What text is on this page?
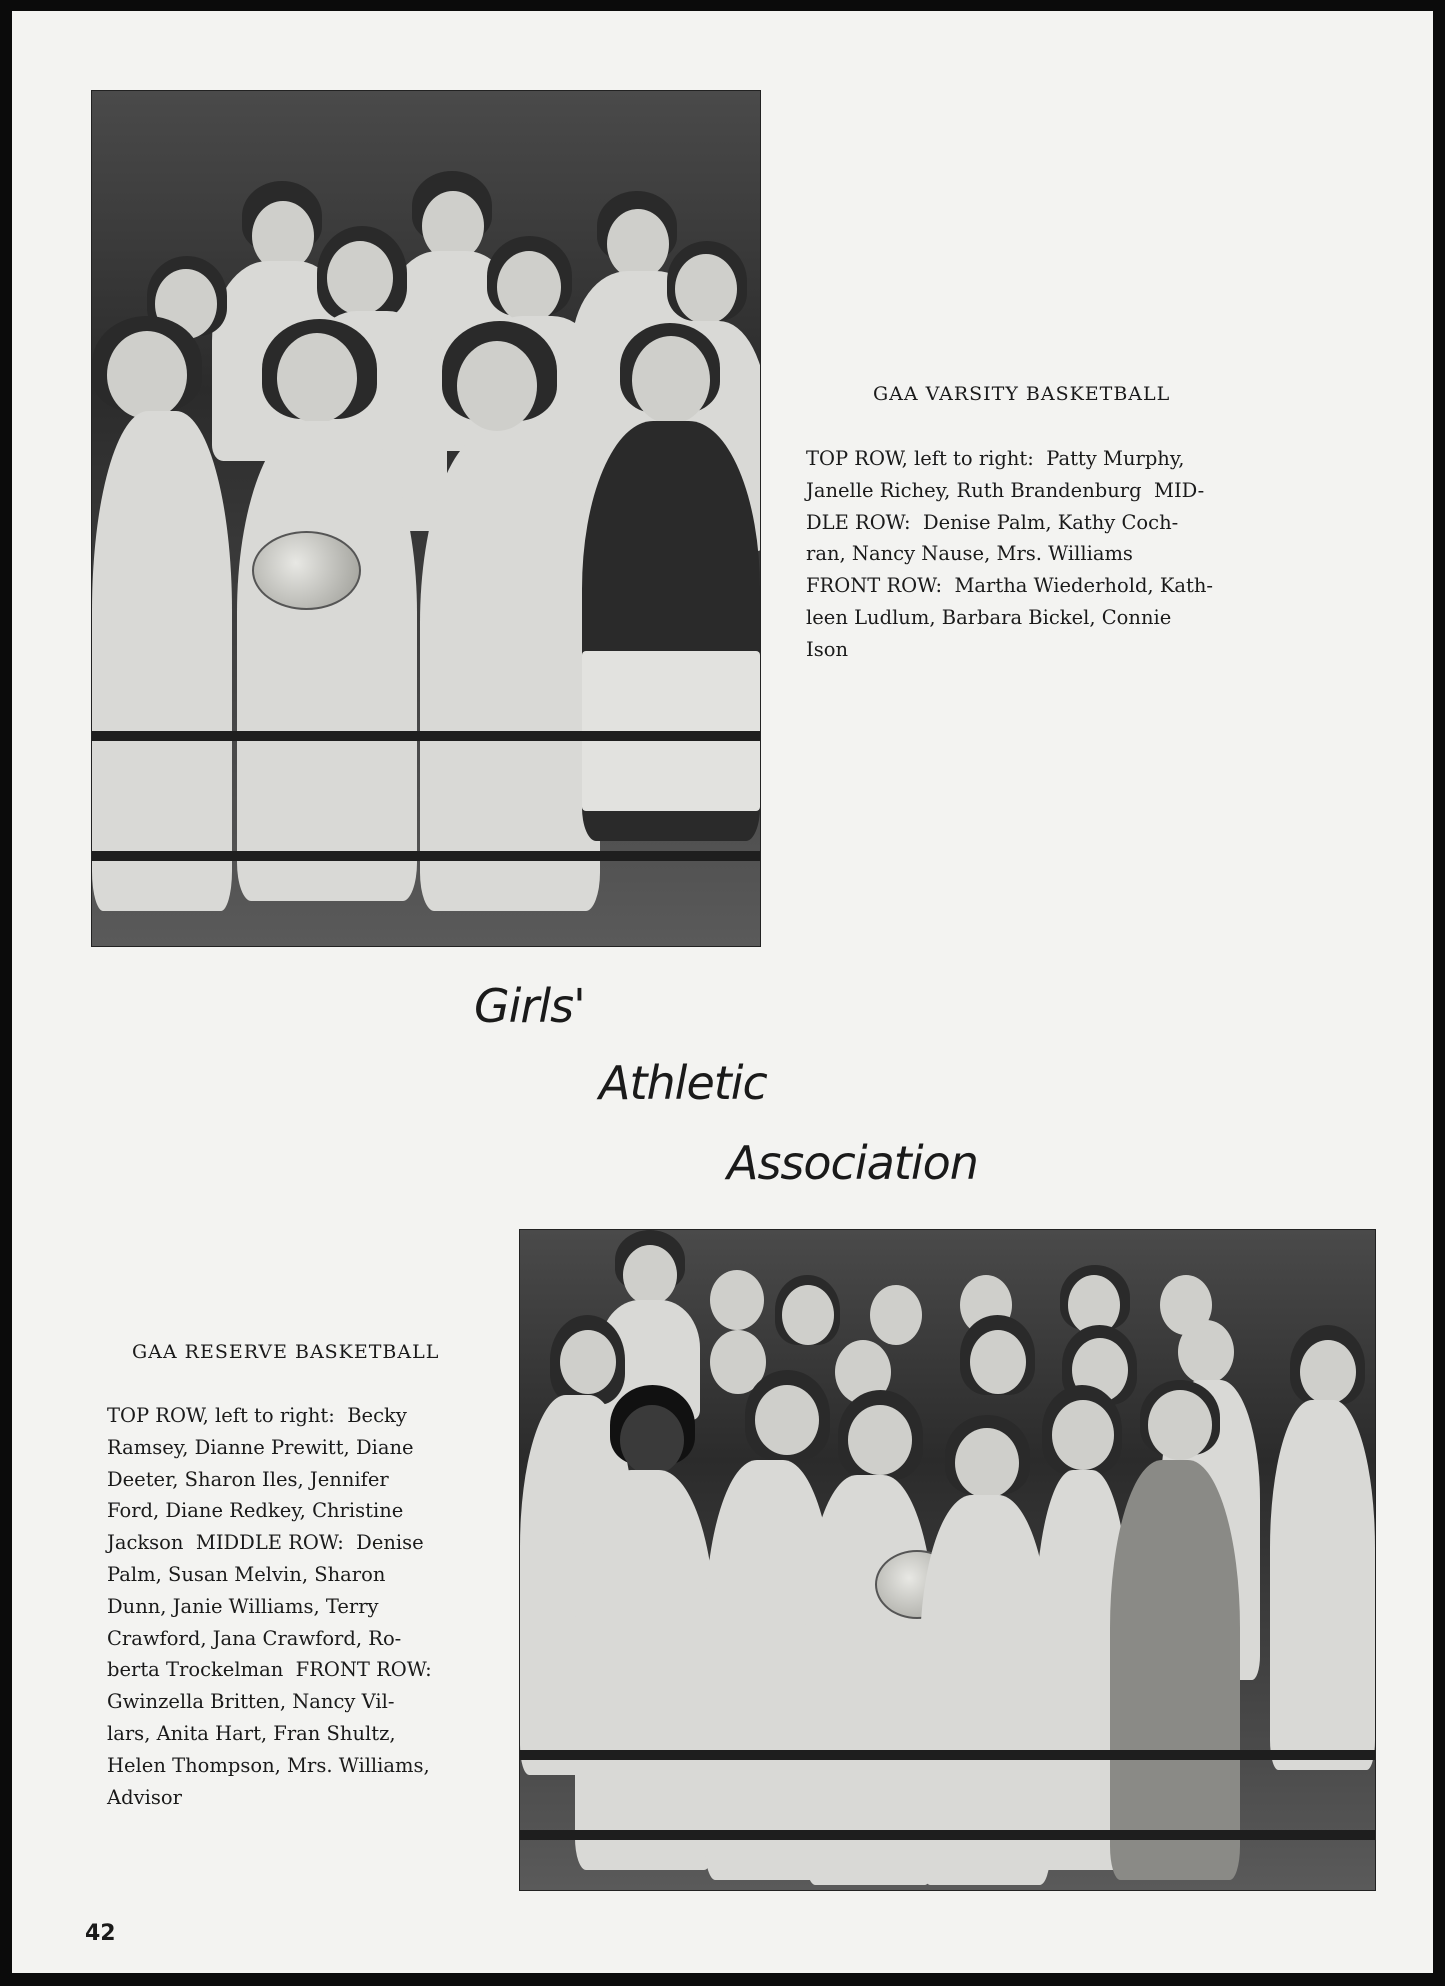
GAA VARSITY BASKETBALL
TOP ROW, left to right:  Patty Murphy,
Janelle Richey, Ruth Brandenburg  MID-
DLE ROW:  Denise Palm, Kathy Coch-
ran, Nancy Nause, Mrs. Williams
FRONT ROW:  Martha Wiederhold, Kath-
leen Ludlum, Barbara Bickel, Connie
Ison
Girls'
Athletic
Association
GAA RESERVE BASKETBALL
TOP ROW, left to right:  Becky
Ramsey, Dianne Prewitt, Diane
Deeter, Sharon Iles, Jennifer
Ford, Diane Redkey, Christine
Jackson  MIDDLE ROW:  Denise
Palm, Susan Melvin, Sharon
Dunn, Janie Williams, Terry
Crawford, Jana Crawford, Ro-
berta Trockelman  FRONT ROW:
Gwinzella Britten, Nancy Vil-
lars, Anita Hart, Fran Shultz,
Helen Thompson, Mrs. Williams,
Advisor
42
